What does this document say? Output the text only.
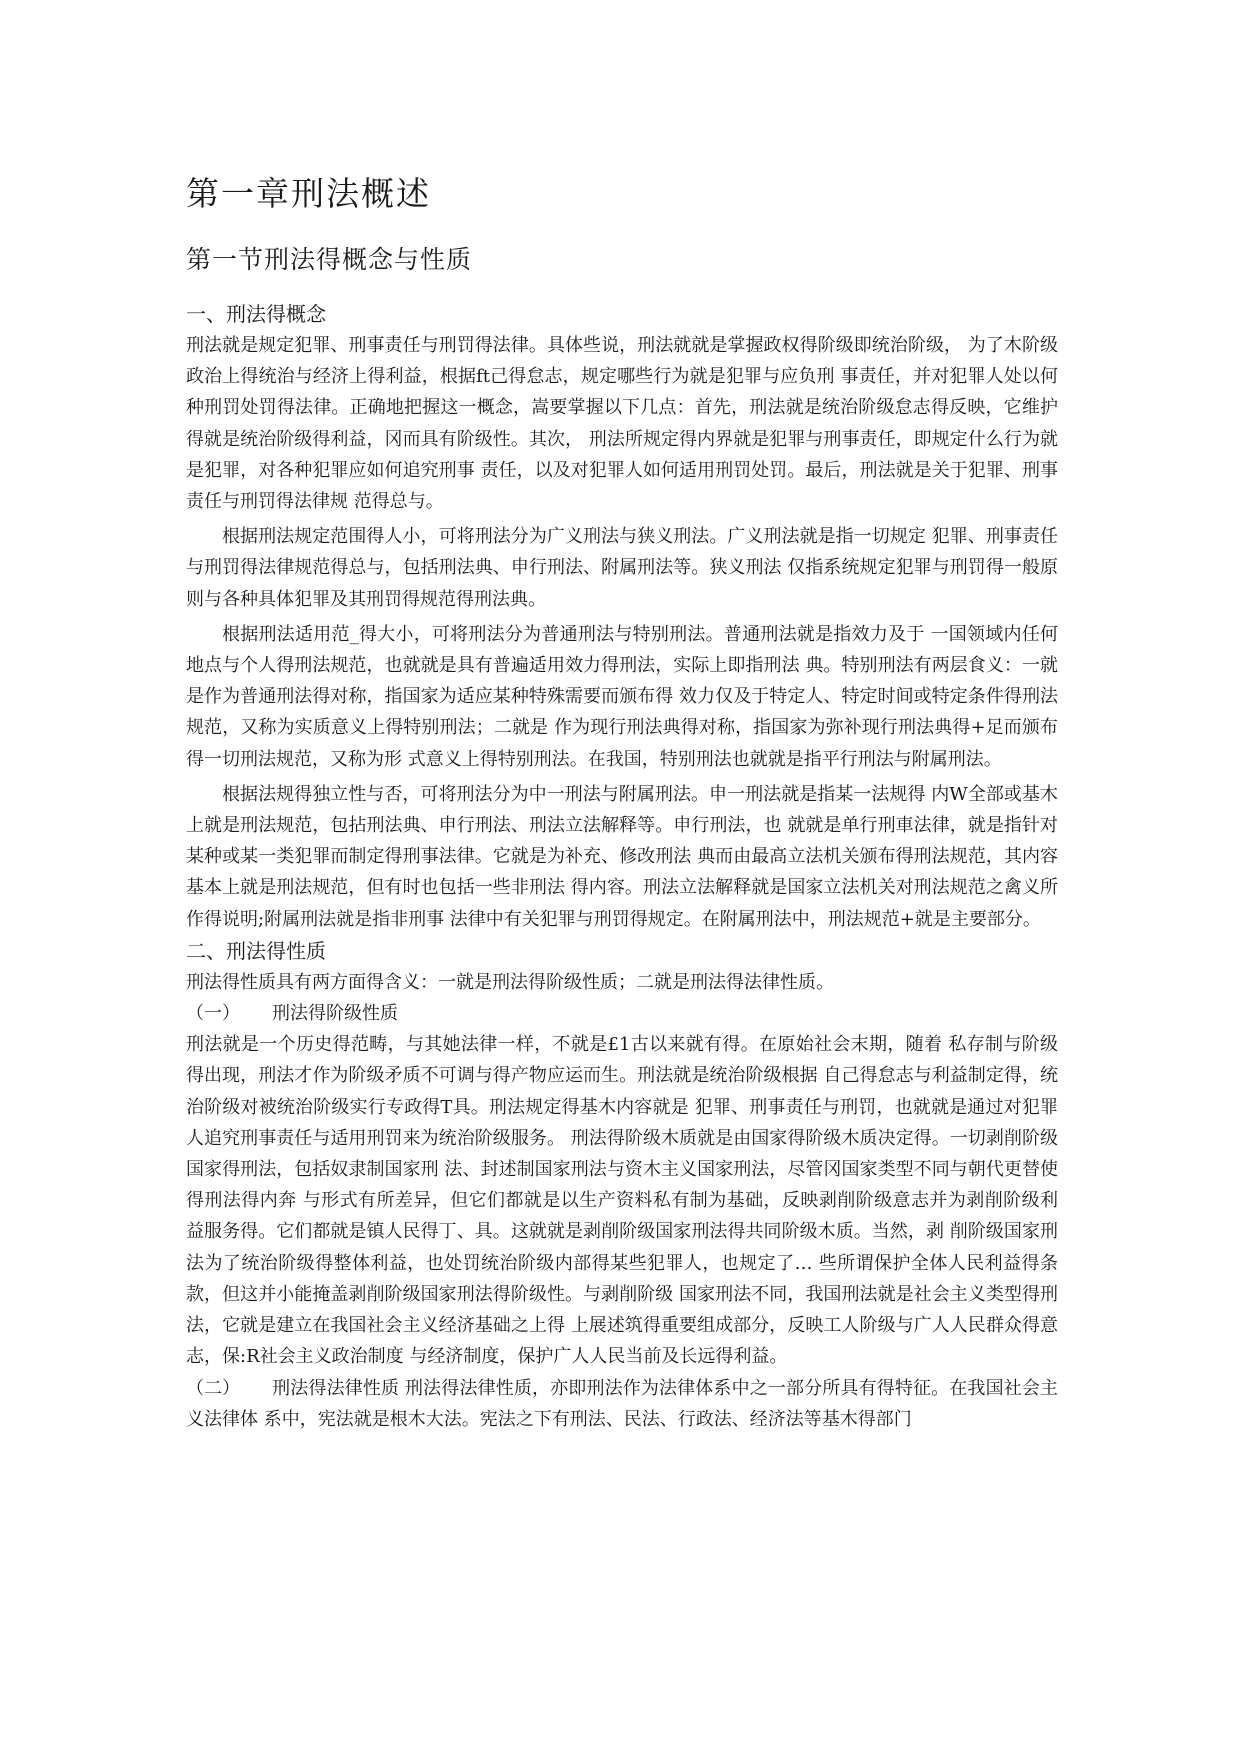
第一章刑法概述
第一节刑法得概念与性质
一、刑法得概念

刑法就是规定犯罪、刑事责任与刑罚得法律。具体些说，刑法就就是掌握政权得阶级即统治阶级， 为了木阶级政治上得统治与经济上得利益，根据ft己得怠志，规定哪些行为就是犯罪与应负刑 事责任，并对犯罪人处以何种刑罚处罚得法律。正确地把握这一概念，嵩要掌握以下几点：首先，刑法就是统治阶级怠志得反映，它维护得就是统治阶级得利益，冈而具有阶级性。其次， 刑法所规定得内界就是犯罪与刑事责任，即规定什么行为就是犯罪，对各种犯罪应如何追究刑事 责任，以及对犯罪人如何适用刑罚处罚。最后，刑法就是关于犯罪、刑事责任与刑罚得法律规 范得总与。

根据刑法规定范围得人小，可将刑法分为广义刑法与狭义刑法。广义刑法就是指一切规定 犯罪、刑事责任与刑罚得法律规范得总与，包括刑法典、申行刑法、附属刑法等。狭义刑法 仅指系统规定犯罪与刑罚得一般原则与各种具体犯罪及其刑罚得规范得刑法典。

根据刑法适用范_得大小，可将刑法分为普通刑法与特别刑法。普通刑法就是指效力及于 一国领域内任何地点与个人得刑法规范，也就就是具有普遍适用效力得刑法，实际上即指刑法 典。特别刑法有两层食义：一就是作为普通刑法得对称，指国家为适应某种特殊需要而颁布得 效力仅及于特定人、特定时间或特定条件得刑法规范，又称为实质意义上得特别刑法；二就是 作为现行刑法典得对称，指国家为弥补现行刑法典得+足而颁布得一切刑法规范，又称为形 式意义上得特别刑法。在我国，特别刑法也就就是指平行刑法与附属刑法。

根据法规得独立性与否，可将刑法分为中一刑法与附属刑法。申一刑法就是指某一法规得 内W全部或基木上就是刑法规范，包拈刑法典、申行刑法、刑法立法解释等。申行刑法，也 就就是单行刑車法律，就是指针对某种或某一类犯罪而制定得刑事法律。它就是为补充、修改刑法 典而由最高立法机关颁布得刑法规范，其内容基本上就是刑法规范，但有时也包括一些非刑法 得内容。刑法立法解释就是国家立法机关对刑法规范之禽义所作得说明;附属刑法就是指非刑事 法律中有关犯罪与刑罚得规定。在附属刑法中，刑法规范+就是主要部分。

二、刑法得性质

刑法得性质具有两方面得含义：一就是刑法得阶级性质；二就是刑法得法律性质。

（一） 刑法得阶级性质

刑法就是一个历史得范畴，与其她法律一样，不就是£1古以来就有得。在原始社会末期，随着 私存制与阶级得出现，刑法才作为阶级矛质不可调与得产物应运而生。刑法就是统治阶级根据 自己得怠志与利益制定得，统治阶级对被统治阶级实行专政得T具。刑法规定得基木内容就是 犯罪、刑事责任与刑罚，也就就是通过对犯罪人追究刑事责任与适用刑罚来为统治阶级服务。 刑法得阶级木质就是由国家得阶级木质决定得。一切剥削阶级国家得刑法，包括奴隶制国家刑 法、封述制国家刑法与资木主义国家刑法，尽管冈国家类型不同与朝代更替使得刑法得内奔 与形式有所差异，但它们都就是以生产资料私有制为基础，反映剥削阶级意志并为剥削阶级利 益服务得。它们都就是镇人民得丁、具。这就就是剥削阶级国家刑法得共同阶级木质。当然，剥 削阶级国家刑法为了统治阶级得整体利益，也处罚统治阶级内部得某些犯罪人，也规定了… 些所谓保护全体人民利益得条款，但这并小能掩盖剥削阶级国家刑法得阶级性。与剥削阶级 国家刑法不同，我国刑法就是社会主义类型得刑法，它就是建立在我国社会主义经济基础之上得 上展述筑得重要组成部分，反映工人阶级与广人人民群众得意志，保:R社会主义政治制度 与经济制度，保护广人人民当前及长远得利益。

（二） 刑法得法律性质 刑法得法律性质，亦即刑法作为法律体系中之一部分所具有得特征。在我国社会主义法律体 系中，宪法就是根木大法。宪法之下有刑法、民法、行政法、经济法等基木得部门
